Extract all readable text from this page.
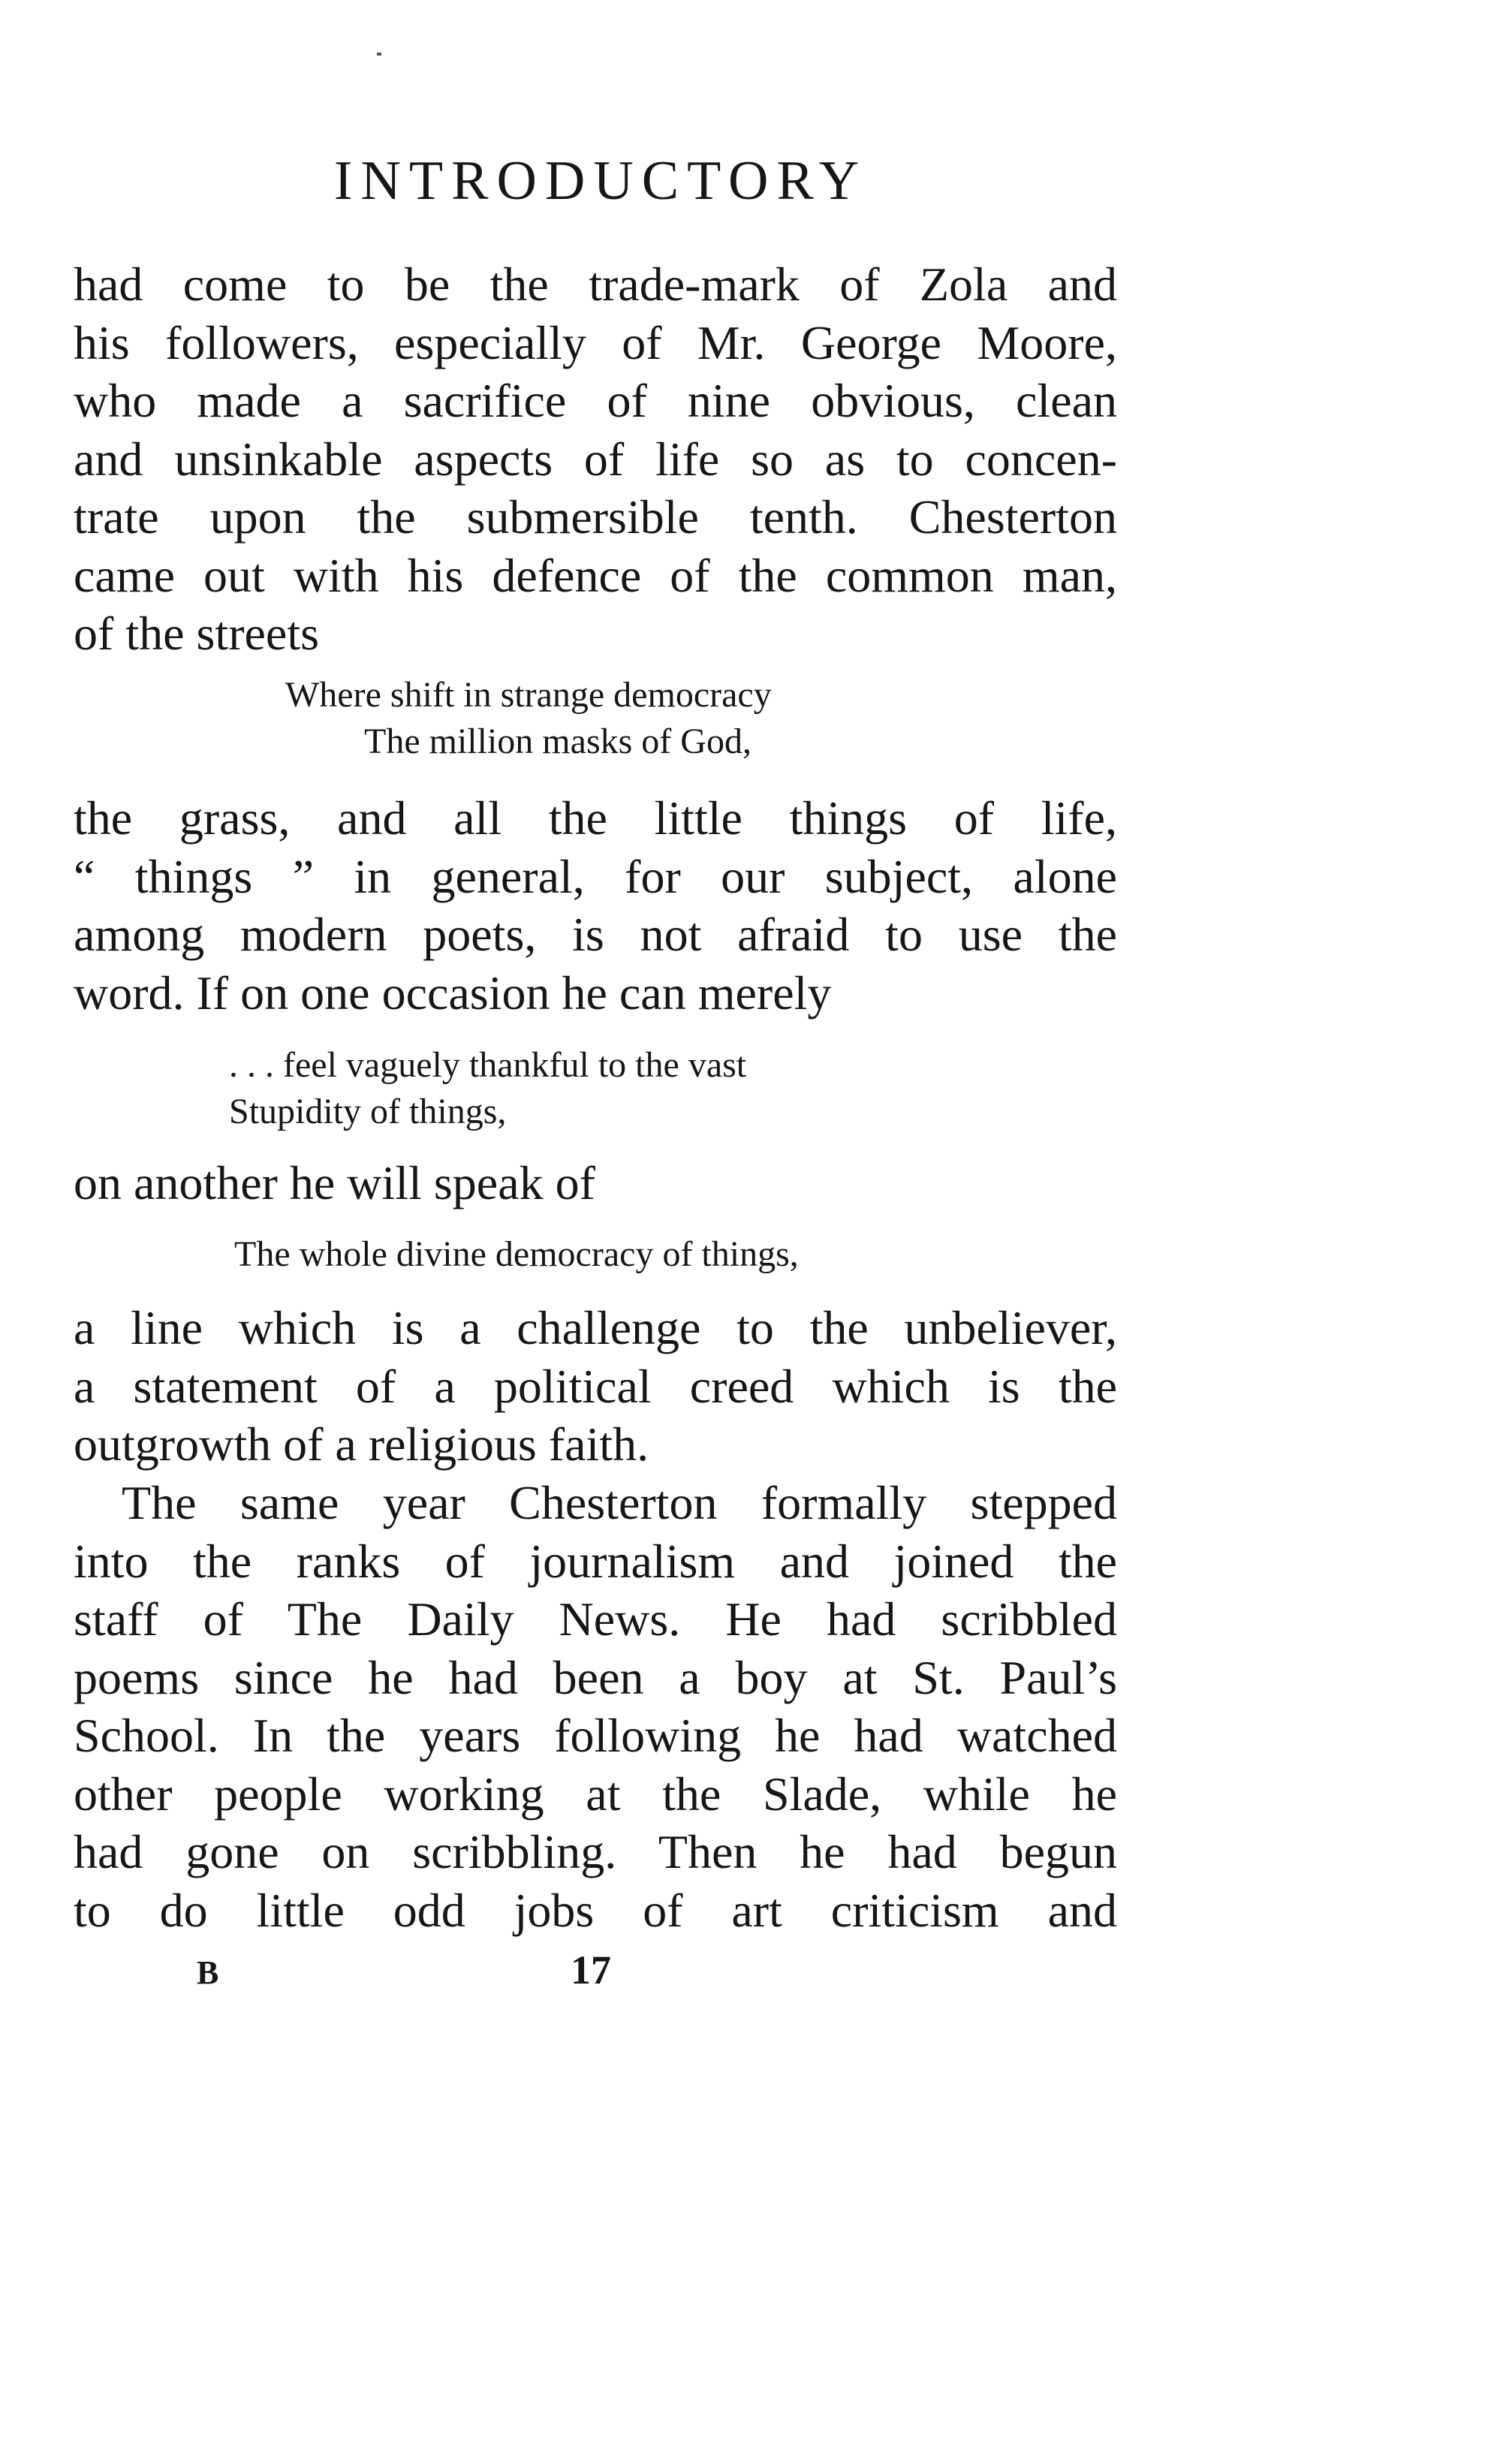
INTRODUCTORY
had come to be the trade-mark of Zola and
his followers, especially of Mr. George Moore,
who made a sacrifice of nine obvious, clean
and unsinkable aspects of life so as to concen-
trate upon the submersible tenth. Chesterton
came out with his defence of the common man,
of the streets
Where shift in strange democracy
The million masks of God,
the grass, and all the little things of life,
“ things ” in general, for our subject, alone
among modern poets, is not afraid to use the
word. If on one occasion he can merely
. . . feel vaguely thankful to the vast
Stupidity of things,
on another he will speak of
The whole divine democracy of things,
a line which is a challenge to the unbeliever,
a statement of a political creed which is the
outgrowth of a religious faith.
The same year Chesterton formally stepped
into the ranks of journalism and joined the
staff of The Daily News. He had scribbled
poems since he had been a boy at St. Paul’s
School. In the years following he had watched
other people working at the Slade, while he
had gone on scribbling. Then he had begun
to do little odd jobs of art criticism and
B	17
